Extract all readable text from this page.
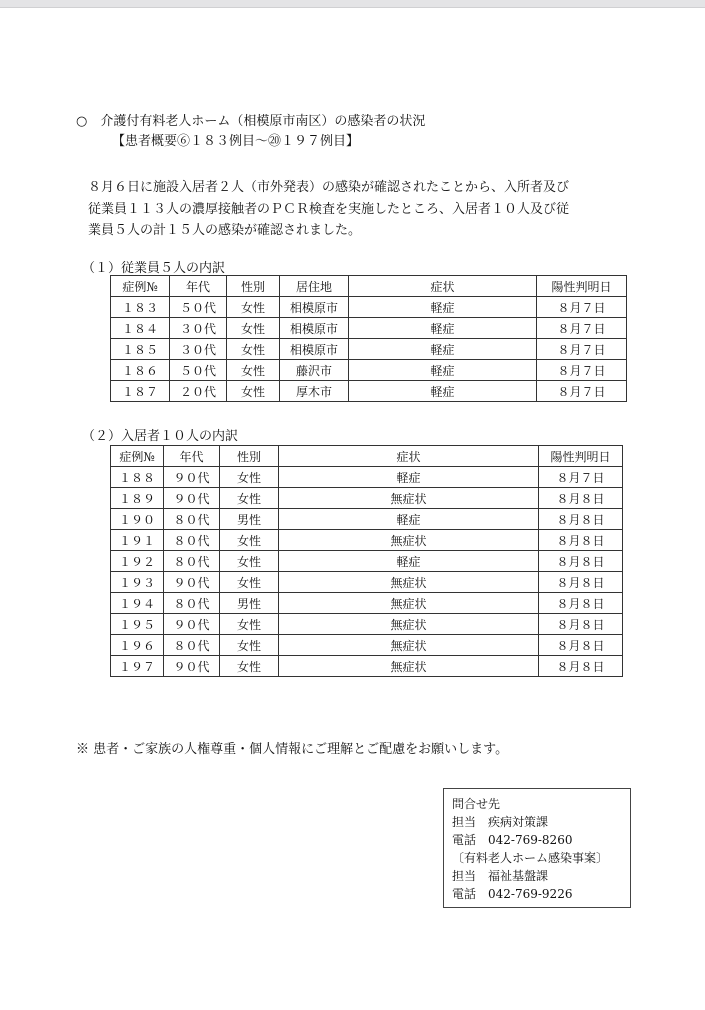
○　介護付有料老人ホーム（相模原市南区）の感染者の状況
【患者概要⑥１８３例目～⑳１９７例目】
８月６日に施設入居者２人（市外発表）の感染が確認されたことから、入所者及び
従業員１１３人の濃厚接触者のＰＣＲ検査を実施したところ、入居者１０人及び従
業員５人の計１５人の感染が確認されました。
（１）従業員５人の内訳
症例№	年代	性別	居住地	症状	陽性判明日
１８３	５０代	女性	相模原市	軽症	８月７日
１８４	３０代	女性	相模原市	軽症	８月７日
１８５	３０代	女性	相模原市	軽症	８月７日
１８６	５０代	女性	藤沢市	軽症	８月７日
１８７	２０代	女性	厚木市	軽症	８月７日
（２）入居者１０人の内訳
症例№	年代	性別	症状	陽性判明日
１８８	９０代	女性	軽症	８月７日
１８９	９０代	女性	無症状	８月８日
１９０	８０代	男性	軽症	８月８日
１９１	８０代	女性	無症状	８月８日
１９２	８０代	女性	軽症	８月８日
１９３	９０代	女性	無症状	８月８日
１９４	８０代	男性	無症状	８月８日
１９５	９０代	女性	無症状	８月８日
１９６	８０代	女性	無症状	８月８日
１９７	９０代	女性	無症状	８月８日
※ 患者・ご家族の人権尊重・個人情報にご理解とご配慮をお願いします。
問合せ先
担当　疾病対策課
電話　042-769-8260
〔有料老人ホーム感染事案〕
担当　福祉基盤課
電話　042-769-9226
